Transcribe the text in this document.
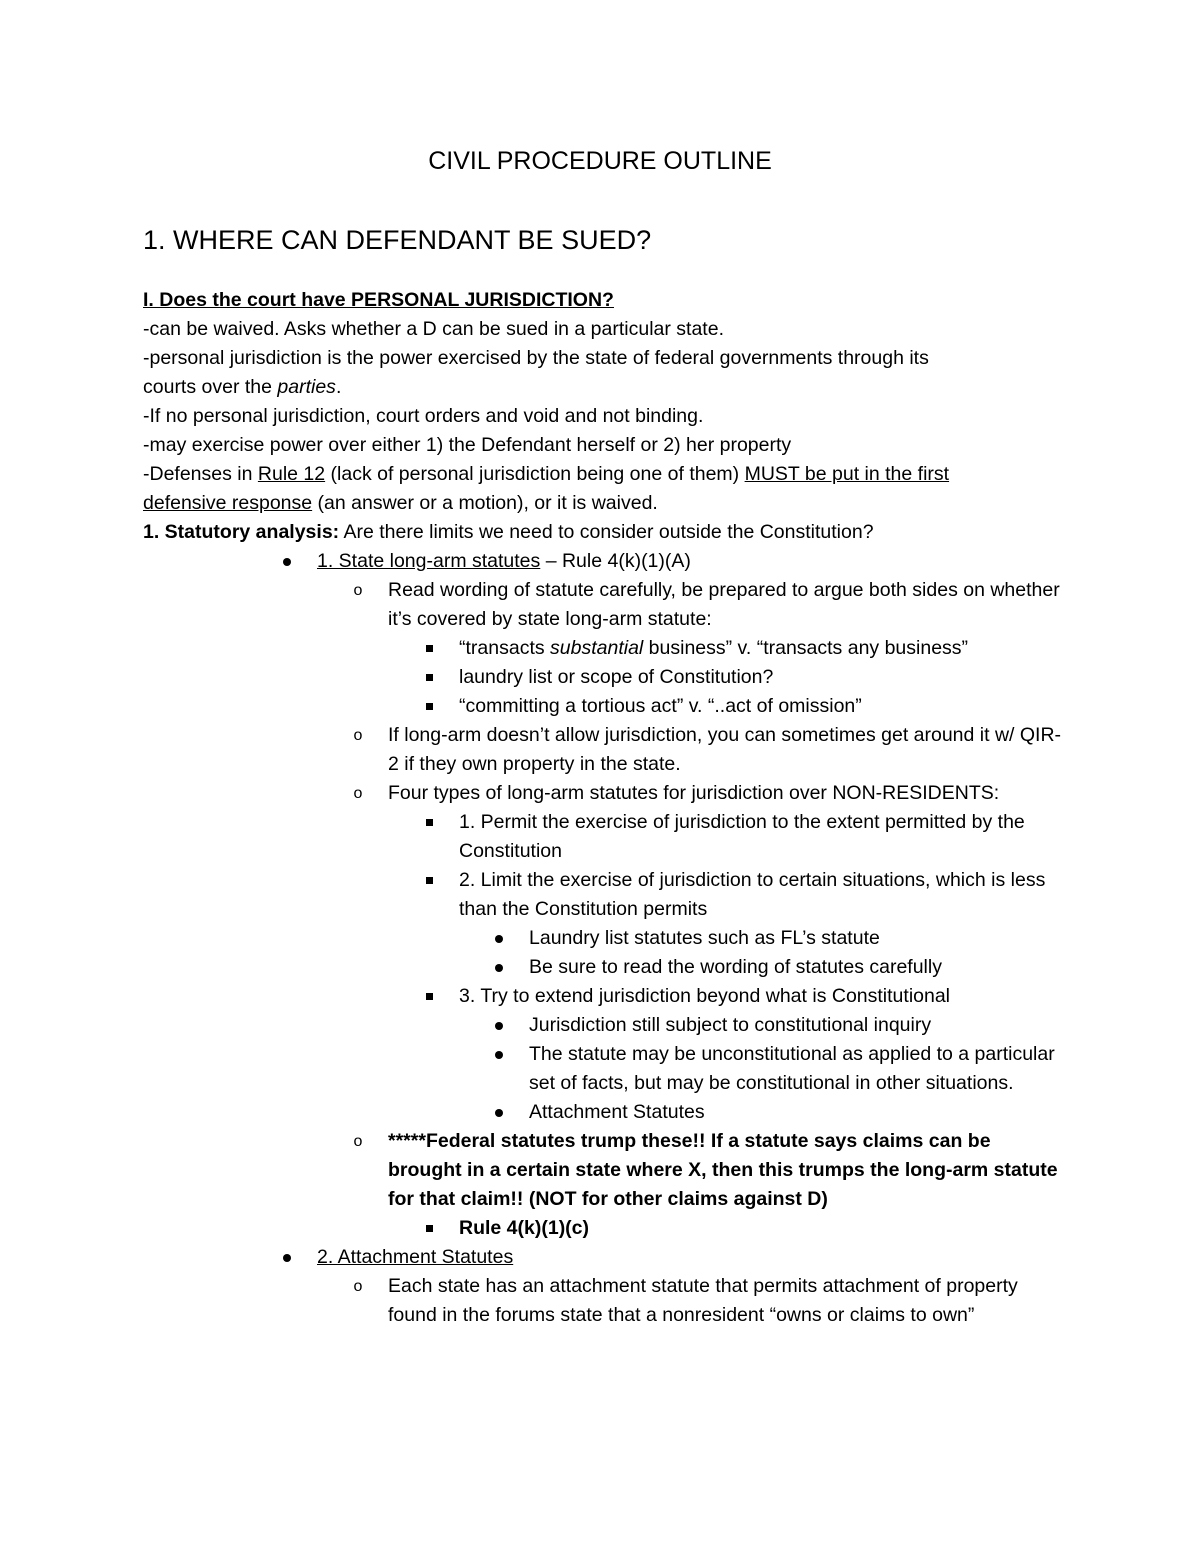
CIVIL PROCEDURE OUTLINE
1. WHERE CAN DEFENDANT BE SUED?
I. Does the court have PERSONAL JURISDICTION?
-can be waived. Asks whether a D can be sued in a particular state.
-personal jurisdiction is the power exercised by the state of federal governments through its
courts over the parties.
-If no personal jurisdiction, court orders and void and not binding.
-may exercise power over either 1) the Defendant herself or 2) her property
-Defenses in Rule 12 (lack of personal jurisdiction being one of them) MUST be put in the first
defensive response (an answer or a motion), or it is waived.
1. Statutory analysis: Are there limits we need to consider outside the Constitution?
1. State long-arm statutes – Rule 4(k)(1)(A)
o	Read wording of statute carefully, be prepared to argue both sides on whether it’s covered by state long-arm statute:
“transacts substantial business” v. “transacts any business”
laundry list or scope of Constitution?
“committing a tortious act” v. “..act of omission”
o	If long-arm doesn’t allow jurisdiction, you can sometimes get around it w/ QIR-2 if they own property in the state.
o	Four types of long-arm statutes for jurisdiction over NON-RESIDENTS:
1. Permit the exercise of jurisdiction to the extent permitted by the Constitution
2. Limit the exercise of jurisdiction to certain situations, which is less than the Constitution permits
Laundry list statutes such as FL’s statute
Be sure to read the wording of statutes carefully
3. Try to extend jurisdiction beyond what is Constitutional
Jurisdiction still subject to constitutional inquiry
The statute may be unconstitutional as applied to a particular set of facts, but may be constitutional in other situations.
Attachment Statutes
o	*****Federal statutes trump these!! If a statute says claims can be brought in a certain state where X, then this trumps the long-arm statute for that claim!! (NOT for other claims against D)
Rule 4(k)(1)(c)
2. Attachment Statutes
o	Each state has an attachment statute that permits attachment of property found in the forums state that a nonresident “owns or claims to own”
